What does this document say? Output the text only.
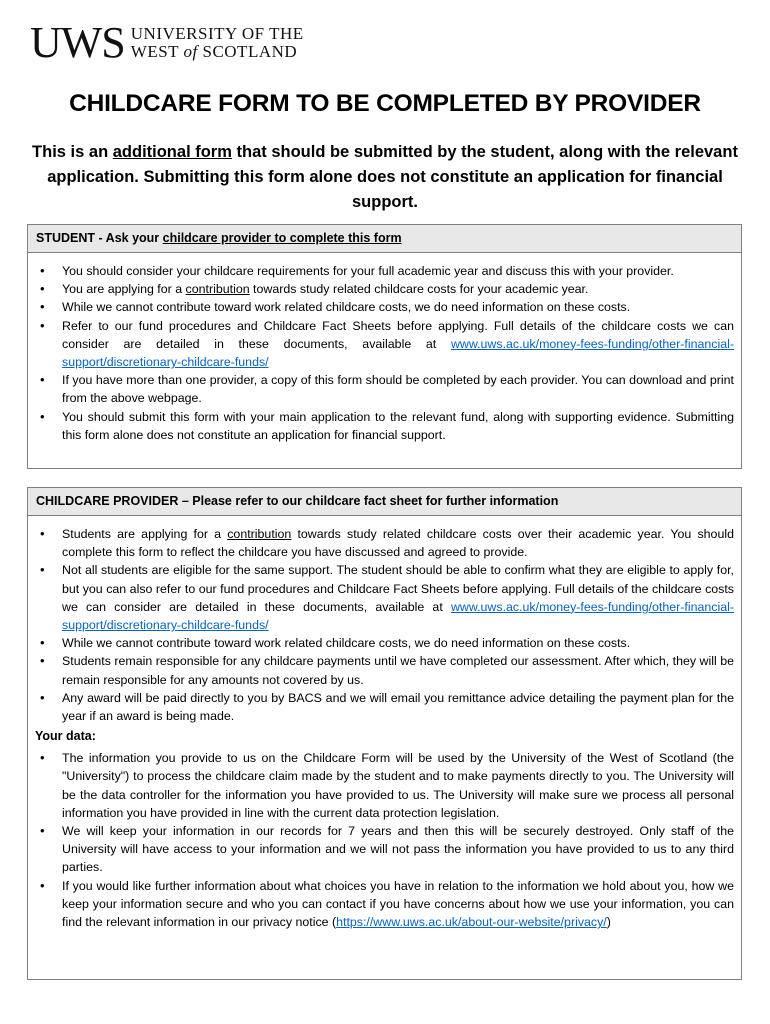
UWS UNIVERSITY OF THE
WEST of SCOTLAND
CHILDCARE FORM TO BE COMPLETED BY PROVIDER

This is an additional form that should be submitted by the student, along with the relevant application. Submitting this form alone does not constitute an application for financial support.

STUDENT - Ask your childcare provider to complete this form
• You should consider your childcare requirements for your full academic year and discuss this with your provider.
• You are applying for a contribution towards study related childcare costs for your academic year.
• While we cannot contribute toward work related childcare costs, we do need information on these costs.
• Refer to our fund procedures and Childcare Fact Sheets before applying. Full details of the childcare costs we can consider are detailed in these documents, available at www.uws.ac.uk/money-fees-funding/other-financial-support/discretionary-childcare-funds/
• If you have more than one provider, a copy of this form should be completed by each provider. You can download and print from the above webpage.
• You should submit this form with your main application to the relevant fund, along with supporting evidence. Submitting this form alone does not constitute an application for financial support.
CHILDCARE PROVIDER – Please refer to our childcare fact sheet for further information
• Students are applying for a contribution towards study related childcare costs over their academic year. You should complete this form to reflect the childcare you have discussed and agreed to provide.
• Not all students are eligible for the same support. The student should be able to confirm what they are eligible to apply for, but you can also refer to our fund procedures and Childcare Fact Sheets before applying. Full details of the childcare costs we can consider are detailed in these documents, available at www.uws.ac.uk/money-fees-funding/other-financial-support/discretionary-childcare-funds/
• While we cannot contribute toward work related childcare costs, we do need information on these costs.
• Students remain responsible for any childcare payments until we have completed our assessment. After which, they will be remain responsible for any amounts not covered by us.
• Any award will be paid directly to you by BACS and we will email you remittance advice detailing the payment plan for the year if an award is being made.
Your data:
• The information you provide to us on the Childcare Form will be used by the University of the West of Scotland (the "University") to process the childcare claim made by the student and to make payments directly to you. The University will be the data controller for the information you have provided to us. The University will make sure we process all personal information you have provided in line with the current data protection legislation.
• We will keep your information in our records for 7 years and then this will be securely destroyed. Only staff of the University will have access to your information and we will not pass the information you have provided to us to any third parties.
• If you would like further information about what choices you have in relation to the information we hold about you, how we keep your information secure and who you can contact if you have concerns about how we use your information, you can find the relevant information in our privacy notice (https://www.uws.ac.uk/about-our-website/privacy/)
